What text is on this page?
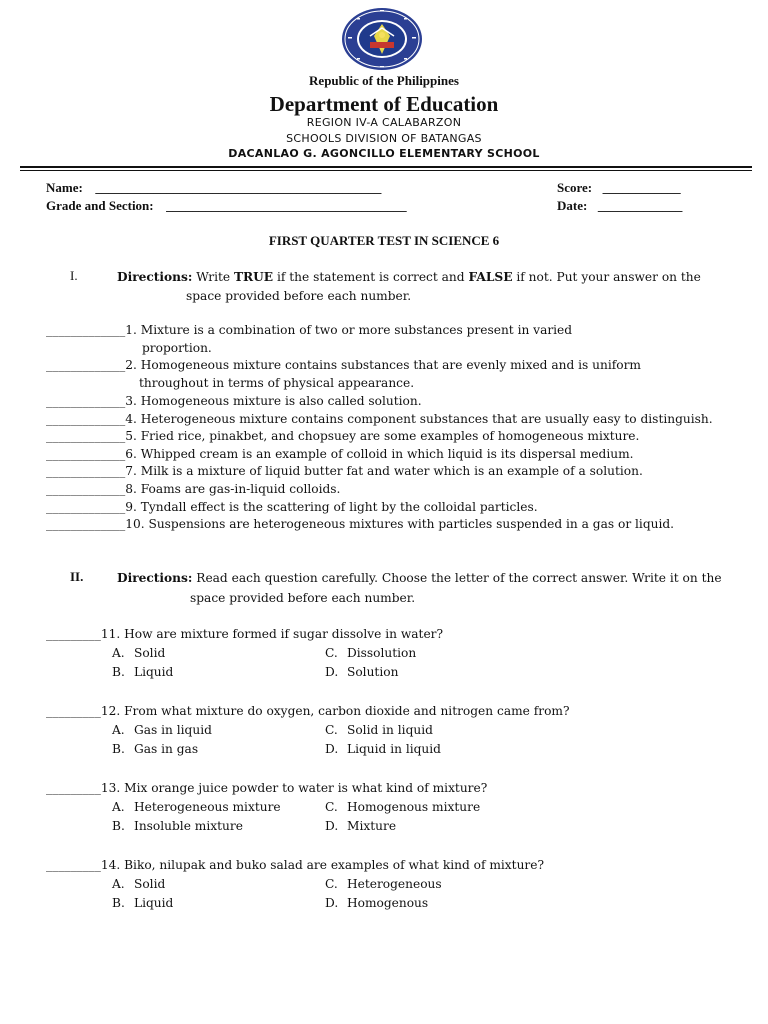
Republic of the Philippines
Department of Education
REGION IV-A CALABARZON
SCHOOLS DIVISION OF BATANGAS
DACANLAO G. AGONCILLO ELEMENTARY SCHOOL
Name: ____________________________________________	Score: ____________
Grade and Section: _____________________________________	Date: _____________
FIRST QUARTER TEST IN SCIENCE 6
I.	Directions: Write TRUE if the statement is correct and FALSE if not. Put your answer on the
space provided before each number.
_____________1. Mixture is a combination of two or more substances present in varied
proportion.
_____________2. Homogeneous mixture contains substances that are evenly mixed and is uniform
throughout in terms of physical appearance.
_____________3. Homogeneous mixture is also called solution.
_____________4. Heterogeneous mixture contains component substances that are usually easy to distinguish.
_____________5. Fried rice, pinakbet, and chopsuey are some examples of homogeneous mixture.
_____________6. Whipped cream is an example of colloid in which liquid is its dispersal medium.
_____________7. Milk is a mixture of liquid butter fat and water which is an example of a solution.
_____________8. Foams are gas-in-liquid colloids.
_____________9. Tyndall effect is the scattering of light by the colloidal particles.
_____________10. Suspensions are heterogeneous mixtures with particles suspended in a gas or liquid.
II.	Directions: Read each question carefully. Choose the letter of the correct answer. Write it on the
space provided before each number.
_________11. How are mixture formed if sugar dissolve in water?
A. Solid	C. Dissolution
B. Liquid	D. Solution
_________12. From what mixture do oxygen, carbon dioxide and nitrogen came from?
A. Gas in liquid	C. Solid in liquid
B. Gas in gas	D. Liquid in liquid
_________13. Mix orange juice powder to water is what kind of mixture?
A. Heterogeneous mixture	C. Homogenous mixture
B. Insoluble mixture	D. Mixture
_________14. Biko, nilupak and buko salad are examples of what kind of mixture?
A. Solid	C. Heterogeneous
B. Liquid	D. Homogenous
